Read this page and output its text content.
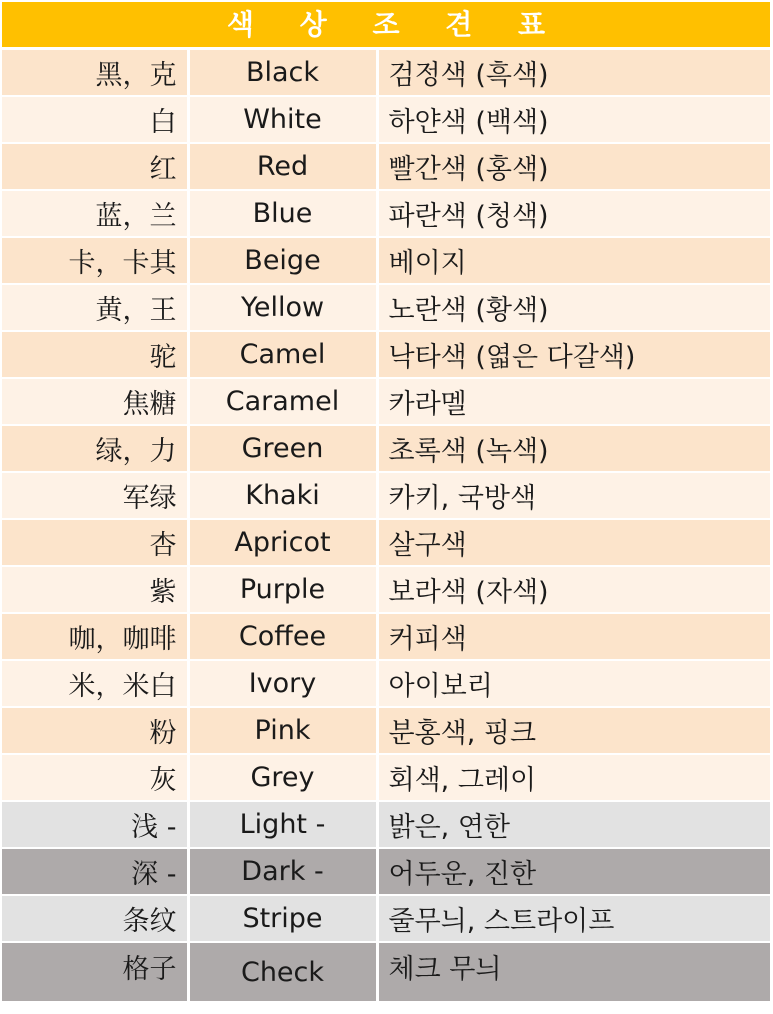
색 상 조 견 표
黑，克	Black	검정색 (흑색)
白	White	하얀색 (백색)
红	Red	빨간색 (홍색)
蓝，兰	Blue	파란색 (청색)
卡，卡其	Beige	베이지
黄，王	Yellow	노란색 (황색)
驼	Camel	낙타색 (엷은 다갈색)
焦糖	Caramel	카라멜
绿，力	Green	초록색 (녹색)
军绿	Khaki	카키, 국방색
杏	Apricot	살구색
紫	Purple	보라색 (자색)
咖，咖啡	Coffee	커피색
米，米白	Ivory	아이보리
粉	Pink	분홍색, 핑크
灰	Grey	회색, 그레이
浅 -	Light -	밝은, 연한
深 -	Dark -	어두운, 진한
条纹	Stripe	줄무늬, 스트라이프
格子	Check	체크 무늬
